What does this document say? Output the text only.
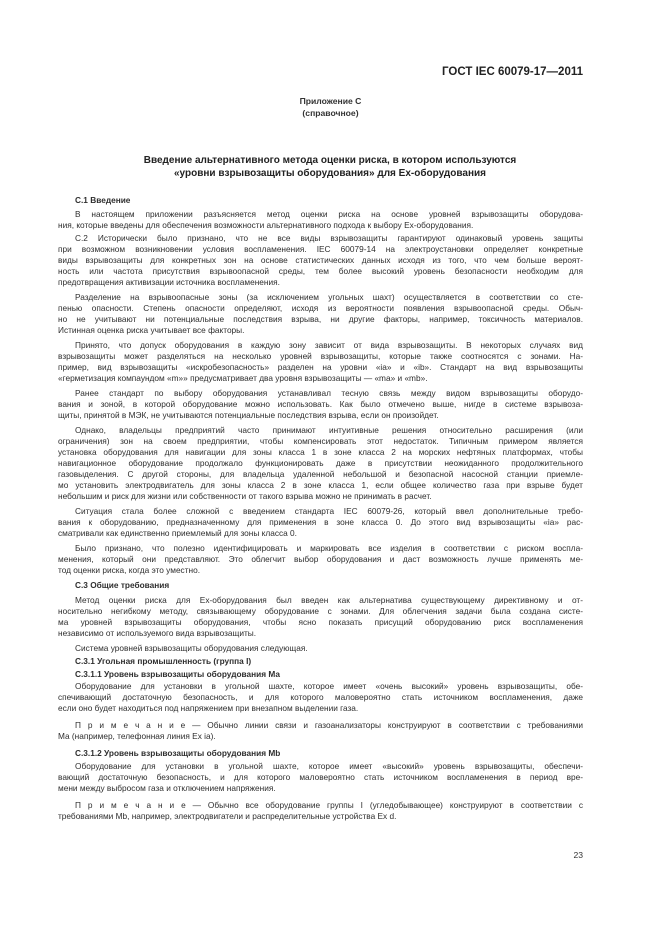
ГОСТ IEC 60079-17—2011
Приложение С
(справочное)
Введение альтернативного метода оценки риска, в котором используются
«уровни взрывозащиты оборудования» для Ex-оборудования
С.1 Введение
В настоящем приложении разъясняется метод оценки риска на основе уровней взрывозащиты оборудова-
ния, которые введены для обеспечения возможности альтернативного подхода к выбору Ex-оборудования.
С.2 Исторически было признано, что не все виды взрывозащиты гарантируют одинаковый уровень защиты
при возможном возникновении условия воспламенения. IEC 60079-14 на электроустановки определяет конкретные
виды взрывозащиты для конкретных зон на основе статистических данных исходя из того, что чем больше вероят-
ность или частота присутствия взрывоопасной среды, тем более высокий уровень безопасности необходим для
предотвращения активизации источника воспламенения.
Разделение на взрывоопасные зоны (за исключением угольных шахт) осуществляется в соответствии со сте-
пенью опасности. Степень опасности определяют, исходя из вероятности появления взрывоопасной среды. Обыч-
но не учитывают ни потенциальные последствия взрыва, ни другие факторы, например, токсичность материалов.
Истинная оценка риска учитывает все факторы.
Принято, что допуск оборудования в каждую зону зависит от вида взрывозащиты. В некоторых случаях вид
взрывозащиты может разделяться на несколько уровней взрывозащиты, которые также соотносятся с зонами. На-
пример, вид взрывозащиты «искробезопасность» разделен на уровни «ia» и «ib». Стандарт на вид взрывозащиты
«герметизация компаундом «m»» предусматривает два уровня взрывозащиты — «ma» и «mb».
Ранее стандарт по выбору оборудования устанавливал тесную связь между видом взрывозащиты оборудо-
вания и зоной, в которой оборудование можно использовать. Как было отмечено выше, нигде в системе взрывоза-
щиты, принятой в МЭК, не учитываются потенциальные последствия взрыва, если он произойдет.
Однако, владельцы предприятий часто принимают интуитивные решения относительно расширения (или
ограничения) зон на своем предприятии, чтобы компенсировать этот недостаток. Типичным примером является
установка оборудования для навигации для зоны класса 1 в зоне класса 2 на морских нефтяных платформах, чтобы
навигационное оборудование продолжало функционировать даже в присутствии неожиданного продолжительного
газовыделения. С другой стороны, для владельца удаленной небольшой и безопасной насосной станции приемле-
мо установить электродвигатель для зоны класса 2 в зоне класса 1, если общее количество газа при взрыве будет
небольшим и риск для жизни или собственности от такого взрыва можно не принимать в расчет.
Ситуация стала более сложной с введением стандарта IEC 60079-26, который ввел дополнительные требо-
вания к оборудованию, предназначенному для применения в зоне класса 0. До этого вид взрывозащиты «ia» рас-
сматривали как единственно приемлемый для зоны класса 0.
Было признано, что полезно идентифицировать и маркировать все изделия в соответствии с риском воспла-
менения, который они представляют. Это облегчит выбор оборудования и даст возможность лучше применять ме-
тод оценки риска, когда это уместно.
С.3 Общие требования
Метод оценки риска для Ex-оборудования был введен как альтернатива существующему директивному и от-
носительно негибкому методу, связывающему оборудование с зонами. Для облегчения задачи была создана систе-
ма уровней взрывозащиты оборудования, чтобы ясно показать присущий оборудованию риск воспламенения
независимо от используемого вида взрывозащиты.
Система уровней взрывозащиты оборудования следующая.
С.3.1 Угольная промышленность (группа I)
С.3.1.1 Уровень взрывозащиты оборудования Ма
Оборудование для установки в угольной шахте, которое имеет «очень высокий» уровень взрывозащиты, обе-
спечивающий достаточную безопасность, и для которого маловероятно стать источником воспламенения, даже
если оно будет находиться под напряжением при внезапном выделении газа.
П р и м е ч а н и е — Обычно линии связи и газоанализаторы конструируют в соответствии с требованиями
Ма (например, телефонная линия Ex ia).
С.3.1.2 Уровень взрывозащиты оборудования Mb
Оборудование для установки в угольной шахте, которое имеет «высокий» уровень взрывозащиты, обеспечи-
вающий достаточную безопасность, и для которого маловероятно стать источником воспламенения в период вре-
мени между выбросом газа и отключением напряжения.
П р и м е ч а н и е — Обычно все оборудование группы I (угледобывающее) конструируют в соответствии с
требованиями Mb, например, электродвигатели и распределительные устройства Ex d.
23
